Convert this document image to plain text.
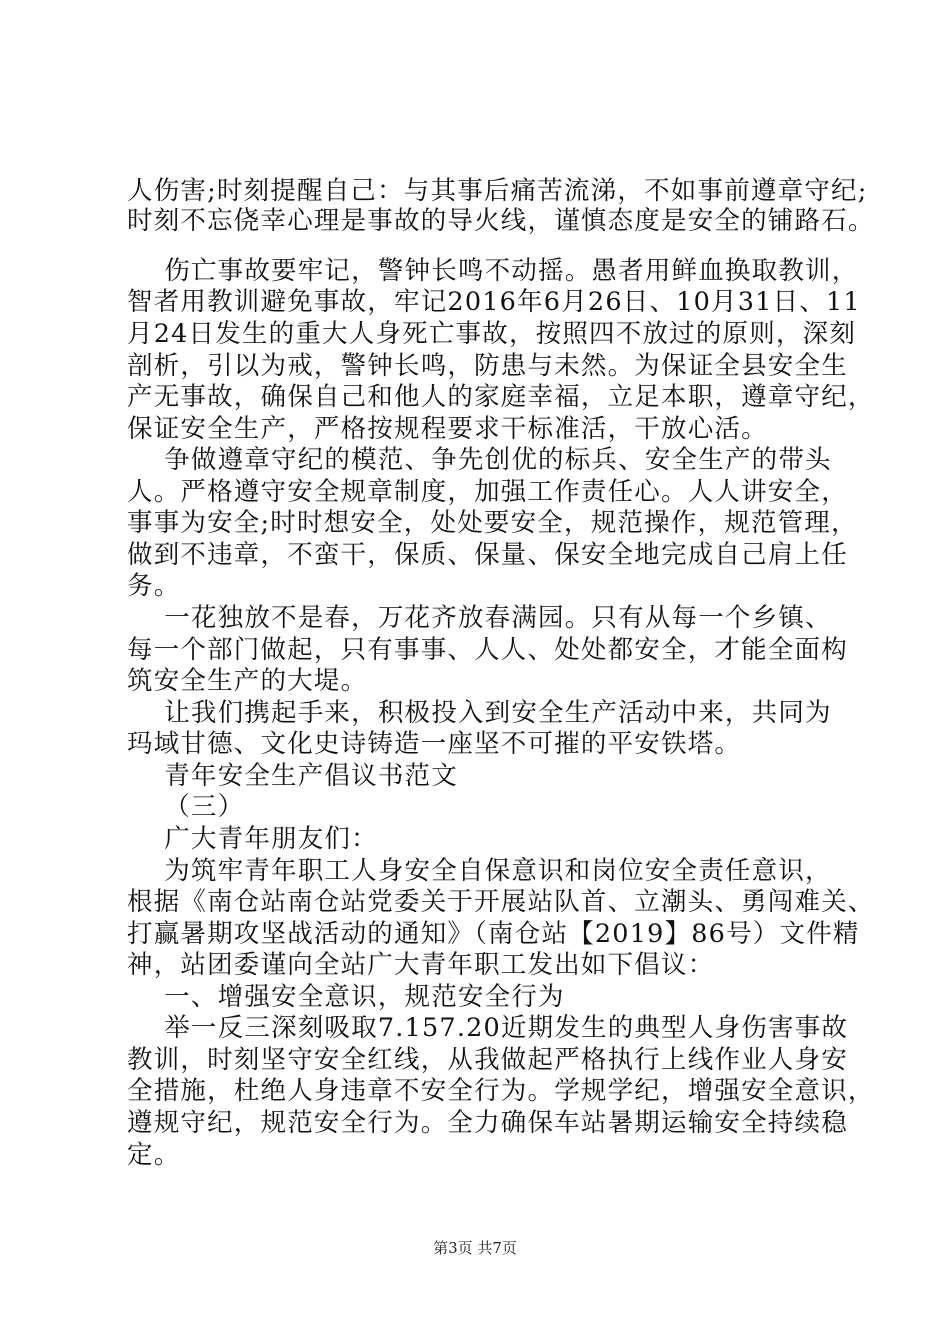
人伤害;时刻提醒自己：与其事后痛苦流涕，不如事前遵章守纪;
时刻不忘侥幸心理是事故的导火线，谨慎态度是安全的铺路石。
伤亡事故要牢记，警钟长鸣不动摇。愚者用鲜血换取教训，
智者用教训避免事故，牢记2016年6月26日、10月31日、11
月24日发生的重大人身死亡事故，按照四不放过的原则，深刻
剖析，引以为戒，警钟长鸣，防患与未然。为保证全县安全生
产无事故，确保自己和他人的家庭幸福，立足本职，遵章守纪，
保证安全生产，严格按规程要求干标准活，干放心活。
争做遵章守纪的模范、争先创优的标兵、安全生产的带头
人。严格遵守安全规章制度，加强工作责任心。人人讲安全，
事事为安全;时时想安全，处处要安全，规范操作，规范管理，
做到不违章，不蛮干，保质、保量、保安全地完成自己肩上任
务。
一花独放不是春，万花齐放春满园。只有从每一个乡镇、
每一个部门做起，只有事事、人人、处处都安全，才能全面构
筑安全生产的大堤。
让我们携起手来，积极投入到安全生产活动中来，共同为
玛域甘德、文化史诗铸造一座坚不可摧的平安铁塔。
青年安全生产倡议书范文
（三）
广大青年朋友们：
为筑牢青年职工人身安全自保意识和岗位安全责任意识，
根据《南仓站南仓站党委关于开展站队首、立潮头、勇闯难关、
打赢暑期攻坚战活动的通知》（南仓站【2019】86号）文件精
神，站团委谨向全站广大青年职工发出如下倡议：
一、增强安全意识，规范安全行为
举一反三深刻吸取7.157.20近期发生的典型人身伤害事故
教训，时刻坚守安全红线，从我做起严格执行上线作业人身安
全措施，杜绝人身违章不安全行为。学规学纪，增强安全意识，
遵规守纪，规范安全行为。全力确保车站暑期运输安全持续稳
定。
第3页 共7页
